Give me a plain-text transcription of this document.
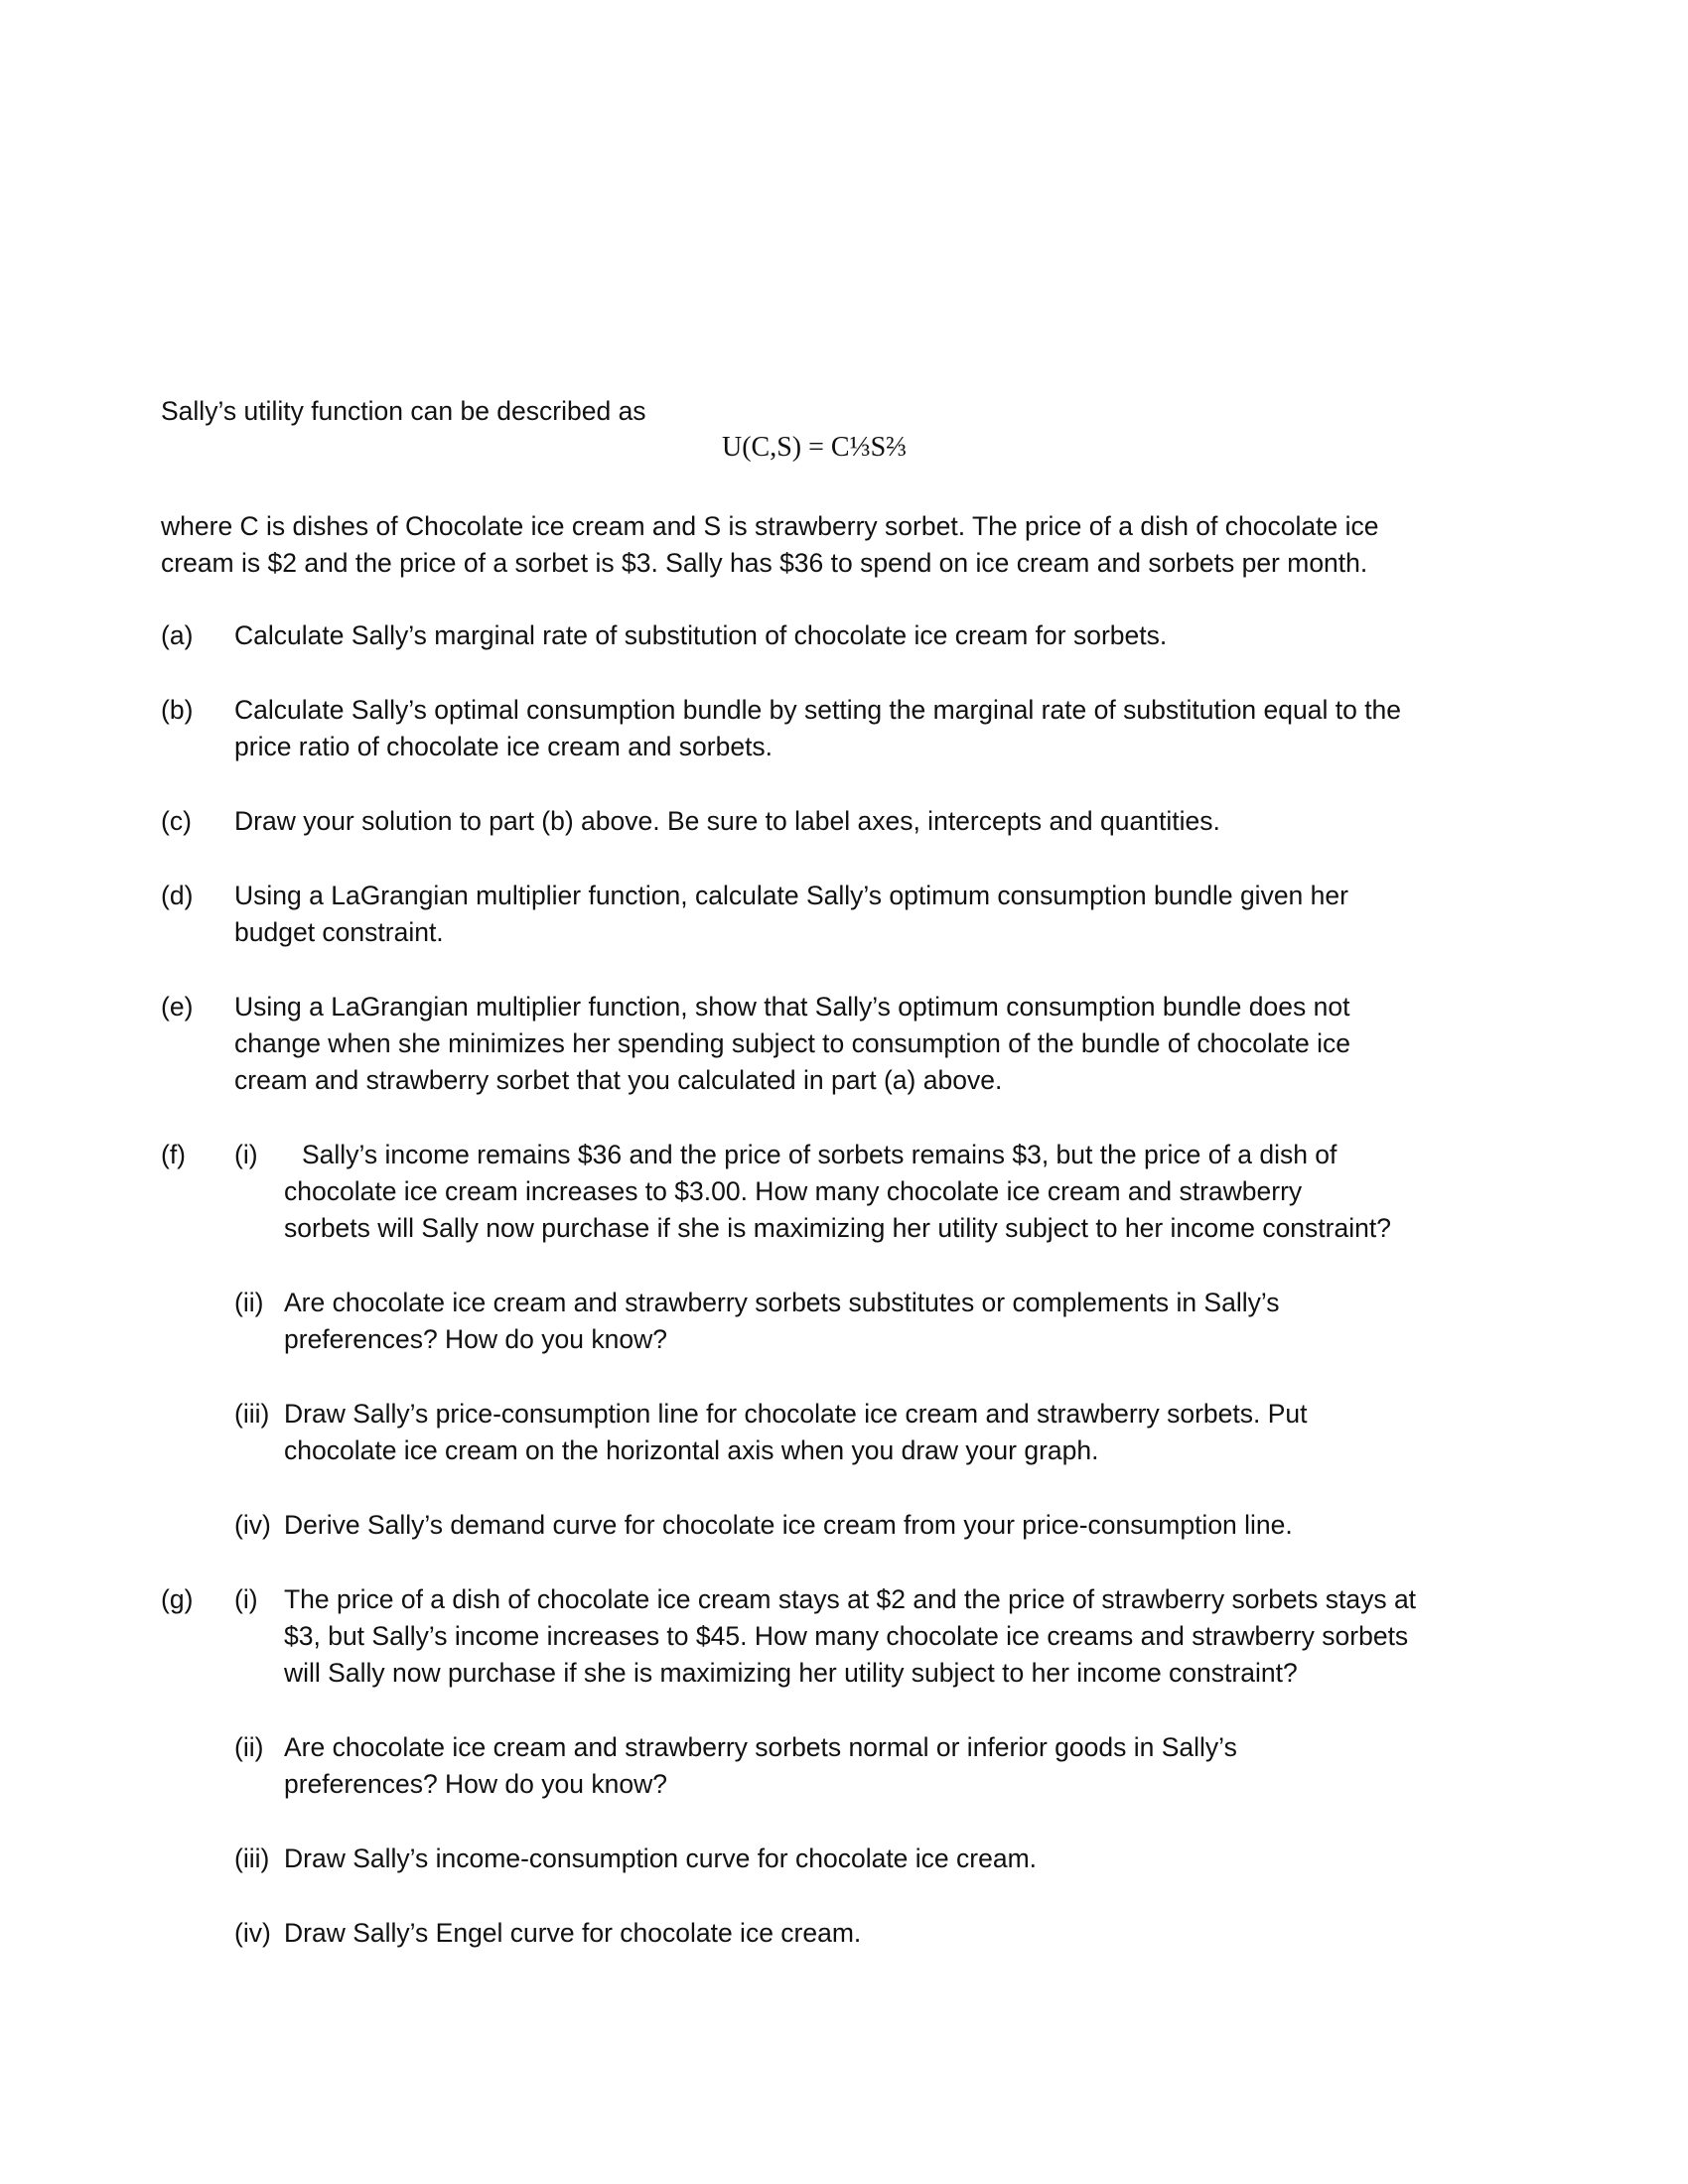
Sally’s utility function can be described as
U(C,S) = C⅓S⅔
where C is dishes of Chocolate ice cream and S is strawberry sorbet. The price of a dish of chocolate ice
cream is $2 and the price of a sorbet is $3. Sally has $36 to spend on ice cream and sorbets per month.
(a) Calculate Sally’s marginal rate of substitution of chocolate ice cream for sorbets.
(b) Calculate Sally’s optimal consumption bundle by setting the marginal rate of substitution equal to the
price ratio of chocolate ice cream and sorbets.
(c) Draw your solution to part (b) above. Be sure to label axes, intercepts and quantities.
(d) Using a LaGrangian multiplier function, calculate Sally’s optimum consumption bundle given her
budget constraint.
(e) Using a LaGrangian multiplier function, show that Sally’s optimum consumption bundle does not
change when she minimizes her spending subject to consumption of the bundle of chocolate ice
cream and strawberry sorbet that you calculated in part (a) above.
(f) (i)	Sally’s income remains $36 and the price of sorbets remains $3, but the price of a dish of
chocolate ice cream increases to $3.00. How many chocolate ice cream and strawberry
sorbets will Sally now purchase if she is maximizing her utility subject to her income constraint?
(ii) Are chocolate ice cream and strawberry sorbets substitutes or complements in Sally’s
preferences? How do you know?
(iii) Draw Sally’s price-consumption line for chocolate ice cream and strawberry sorbets. Put
chocolate ice cream on the horizontal axis when you draw your graph.
(iv) Derive Sally’s demand curve for chocolate ice cream from your price-consumption line.
(g) (i) The price of a dish of chocolate ice cream stays at $2 and the price of strawberry sorbets stays at
$3, but Sally’s income increases to $45. How many chocolate ice creams and strawberry sorbets
will Sally now purchase if she is maximizing her utility subject to her income constraint?
(ii) Are chocolate ice cream and strawberry sorbets normal or inferior goods in Sally’s
preferences? How do you know?
(iii) Draw Sally’s income-consumption curve for chocolate ice cream.
(iv) Draw Sally’s Engel curve for chocolate ice cream.
